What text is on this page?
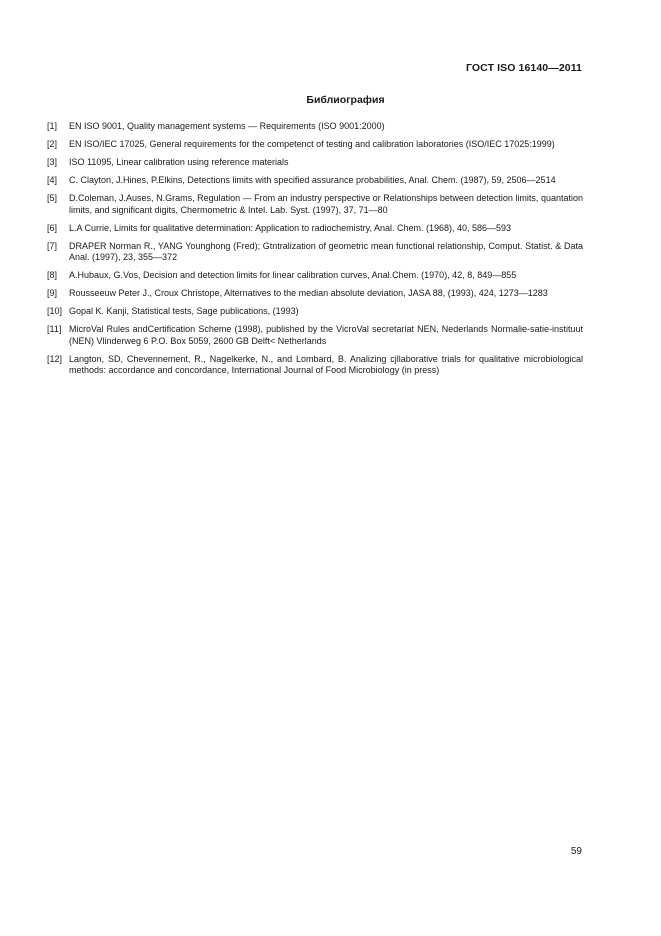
ГОСТ ISO 16140—2011
Библиография
[1]	EN ISO 9001, Quality management systems — Requirements (ISO 9001:2000)
[2]	EN ISO/IEC 17025, General requirements for the competenct of testing and calibration laboratories (ISO/IEC 17025:1999)
[3]	ISO 11095, Linear calibration using reference materials
[4]	C. Clayton, J.Hines, P.Elkins, Detections limits with specified assurance probabilities, Anal. Chem. (1987), 59, 2506—2514
[5]	D.Coleman, J.Auses, N.Grams, Regulation — From an industry perspective or Relationships between detection limits, quantation limits, and significant digits, Chermometric & Intel. Lab. Syst. (1997), 37, 71—80
[6]	L.A Currie, Limits for qualitative determination: Application to radiochemistry, Anal. Chem. (1968), 40, 586—593
[7]	DRAPER Norman R., YANG Younghong (Fred); Gtntralization of geometric mean functional relationship, Comput. Statist. & Data Anal. (1997), 23, 355—372
[8]	A.Hubaux, G.Vos, Decision and detection limits for linear calibration curves, Anal.Chem. (1970), 42, 8, 849—855
[9]	Rousseeuw Peter J., Croux Christope, Alternatives to the median absolute deviation, JASA 88, (1993), 424, 1273—1283
[10] Gopal K. Kanji, Statistical tests, Sage publications, (1993)
[11] MicroVal Rules andCertification Scheme (1998), published by the VicroVal secretariat NEN, Nederlands Normalie-satie-instituut (NEN) Vlinderweg 6 P.O. Box 5059, 2600 GB Delft< Netherlands
[12] Langton, SD, Chevennement, R., Nagelkerke, N., and Lombard, B. Analizing cjllaborative trials for qualitative microbiological methods: accordance and concordance, International Journal of Food Microbiology (in press)
59
